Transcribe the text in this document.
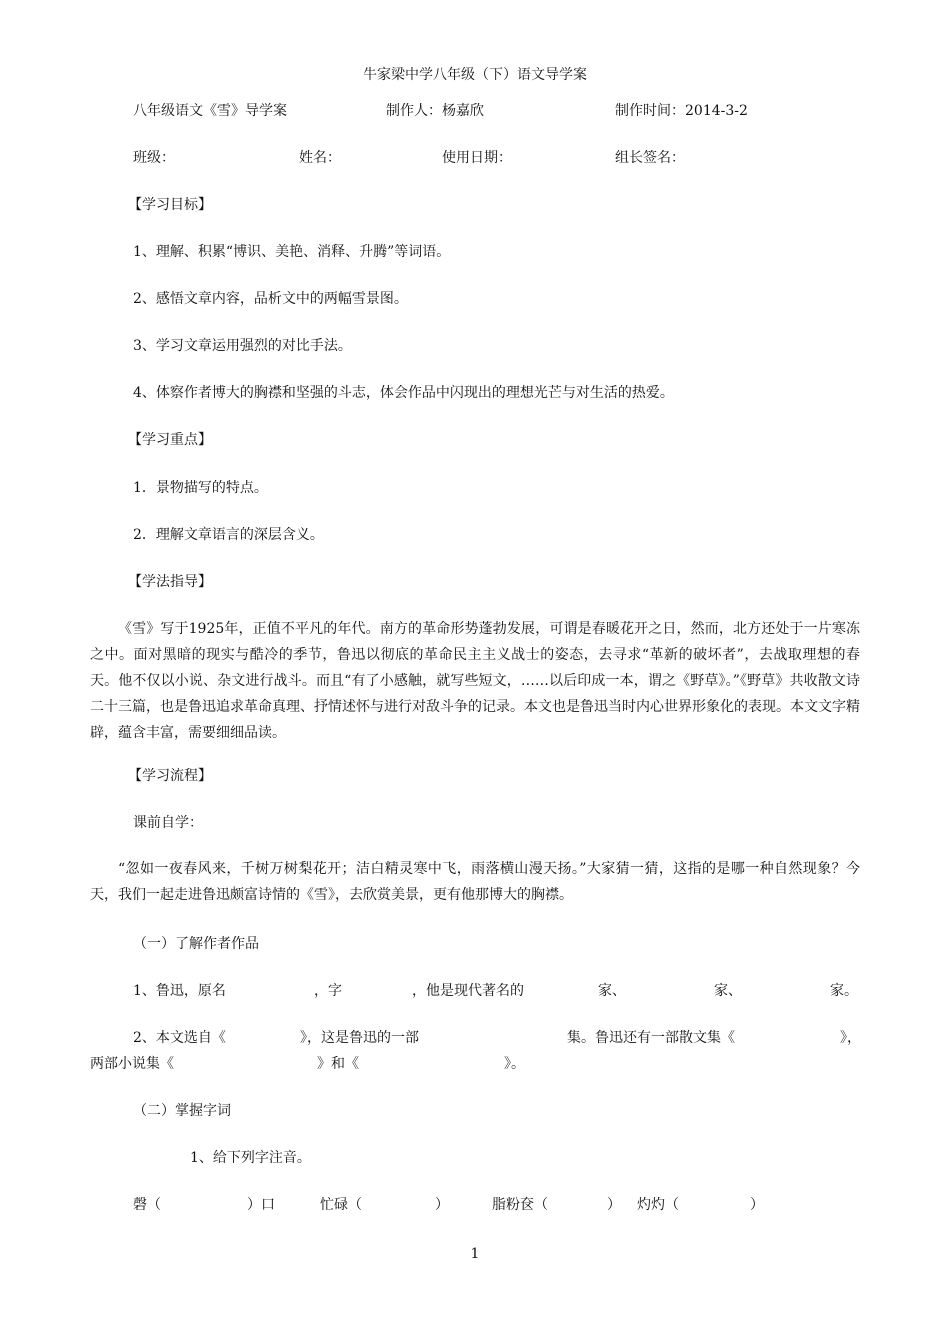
牛家梁中学八年级（下）语文导学案
八年级语文《雪》导学案	制作人：杨嘉欣	制作时间：2014-3-2
班级：	姓名：	使用日期：	组长签名：
【学习目标】
1、理解、积累“博识、美艳、消释、升腾”等词语。
2、感悟文章内容，品析文中的两幅雪景图。
3、学习文章运用强烈的对比手法。
4、体察作者博大的胸襟和坚强的斗志，体会作品中闪现出的理想光芒与对生活的热爱。
【学习重点】
1．景物描写的特点。
2．理解文章语言的深层含义。
【学法指导】
《雪》写于1925年，正值不平凡的年代。南方的革命形势蓬勃发展，可谓是春暖花开之日，然而，北方还处于一片寒冻之中。面对黑暗的现实与酷冷的季节，鲁迅以彻底的革命民主主义战士的姿态，去寻求“革新的破坏者”，去战取理想的春天。他不仅以小说、杂文进行战斗。而且“有了小感触，就写些短文，……以后印成一本，谓之《野草》。”《野草》共收散文诗二十三篇，也是鲁迅追求革命真理、抒情述怀与进行对敌斗争的记录。本文也是鲁迅当时内心世界形象化的表现。本文文字精辟，蕴含丰富，需要细细品读。
【学习流程】
课前自学：
“忽如一夜春风来，千树万树梨花开；洁白精灵寒中飞，雨落横山漫天扬。”大家猜一猜，这指的是哪一种自然现象？今天，我们一起走进鲁迅颇富诗情的《雪》，去欣赏美景，更有他那博大的胸襟。
（一）了解作者作品
1、鲁迅，原名	，字	，他是现代著名的	家、	家、	家。
2、本文选自《	》，这是鲁迅的一部	集。鲁迅还有一部散文集《	》，
两部小说集《	》和《	》。
（二）掌握字词
1、给下列字注音。
磬（	）口	忙碌（	）	脂粉奁（	） 灼灼（	）
1
